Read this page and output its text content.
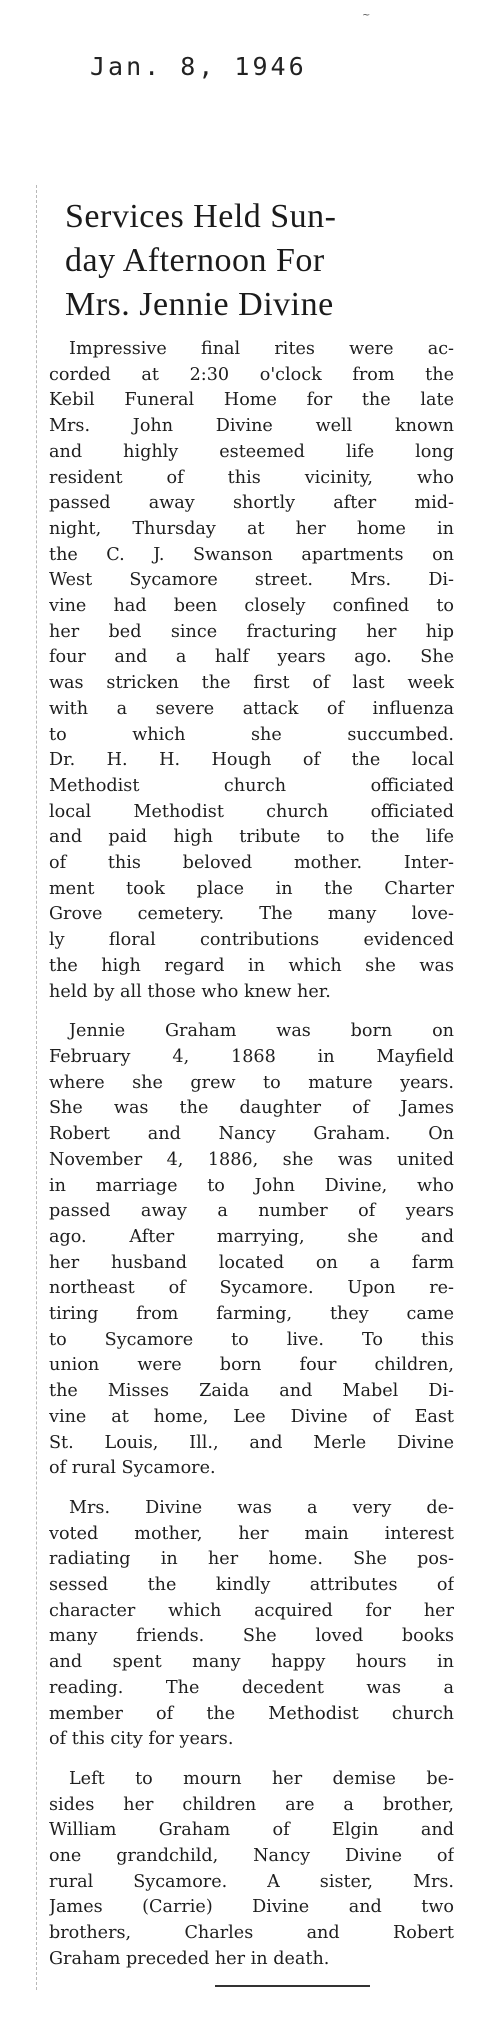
~
Jan. 8, 1946
Services Held Sun-
day Afternoon For
Mrs. Jennie Divine
Impressive final rites were ac-
corded at 2:30 o'clock from the
Kebil Funeral Home for the late
Mrs. John Divine well known
and highly esteemed life long
resident of this vicinity, who
passed away shortly after mid-
night, Thursday at her home in
the C. J. Swanson apartments on
West Sycamore street. Mrs. Di-
vine had been closely confined to
her bed since fracturing her hip
four and a half years ago. She
was stricken the first of last week
with a severe attack of influenza
to which she succumbed.
Dr. H. H. Hough of the local
Methodist church officiated
local Methodist church officiated
and paid high tribute to the life
of this beloved mother. Inter-
ment took place in the Charter
Grove cemetery. The many love-
ly floral contributions evidenced
the high regard in which she was
held by all those who knew her.
Jennie Graham was born on
February 4, 1868 in Mayfield
where she grew to mature years.
She was the daughter of James
Robert and Nancy Graham. On
November 4, 1886, she was united
in marriage to John Divine, who
passed away a number of years
ago. After marrying, she and
her husband located on a farm
northeast of Sycamore. Upon re-
tiring from farming, they came
to Sycamore to live. To this
union were born four children,
the Misses Zaida and Mabel Di-
vine at home, Lee Divine of East
St. Louis, Ill., and Merle Divine
of rural Sycamore.
Mrs. Divine was a very de-
voted mother, her main interest
radiating in her home. She pos-
sessed the kindly attributes of
character which acquired for her
many friends. She loved books
and spent many happy hours in
reading. The decedent was a
member of the Methodist church
of this city for years.
Left to mourn her demise be-
sides her children are a brother,
William Graham of Elgin and
one grandchild, Nancy Divine of
rural Sycamore. A sister, Mrs.
James (Carrie) Divine and two
brothers, Charles and Robert
Graham preceded her in death.
